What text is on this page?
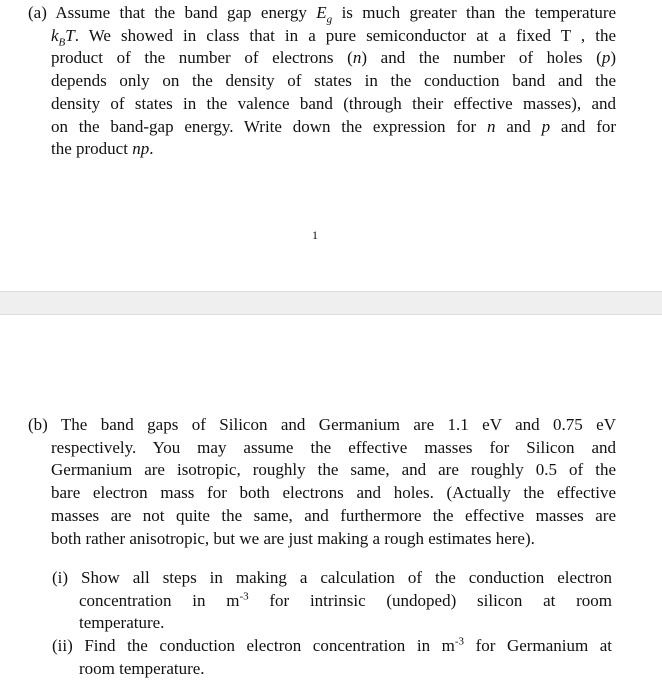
(a) Assume that the band gap energy $E_g$ is much greater than the temperature
$k_BT$. We showed in class that in a pure semiconductor at a fixed T , the
product of the number of electrons (n) and the number of holes (p)
depends only on the density of states in the conduction band and the
density of states in the valence band (through their effective masses), and
on the band-gap energy. Write down the expression for n and p and for
the product np.
1
(b) The band gaps of Silicon and Germanium are 1.1 eV and 0.75 eV
respectively. You may assume the effective masses for Silicon and
Germanium are isotropic, roughly the same, and are roughly 0.5 of the
bare electron mass for both electrons and holes. (Actually the effective
masses are not quite the same, and furthermore the effective masses are
both rather anisotropic, but we are just making a rough estimates here).
(i) Show all steps in making a calculation of the conduction electron
concentration in $m^{-3}$ for intrinsic (undoped) silicon at room
temperature.
(ii) Find the conduction electron concentration in $m^{-3}$ for Germanium at
room temperature.
